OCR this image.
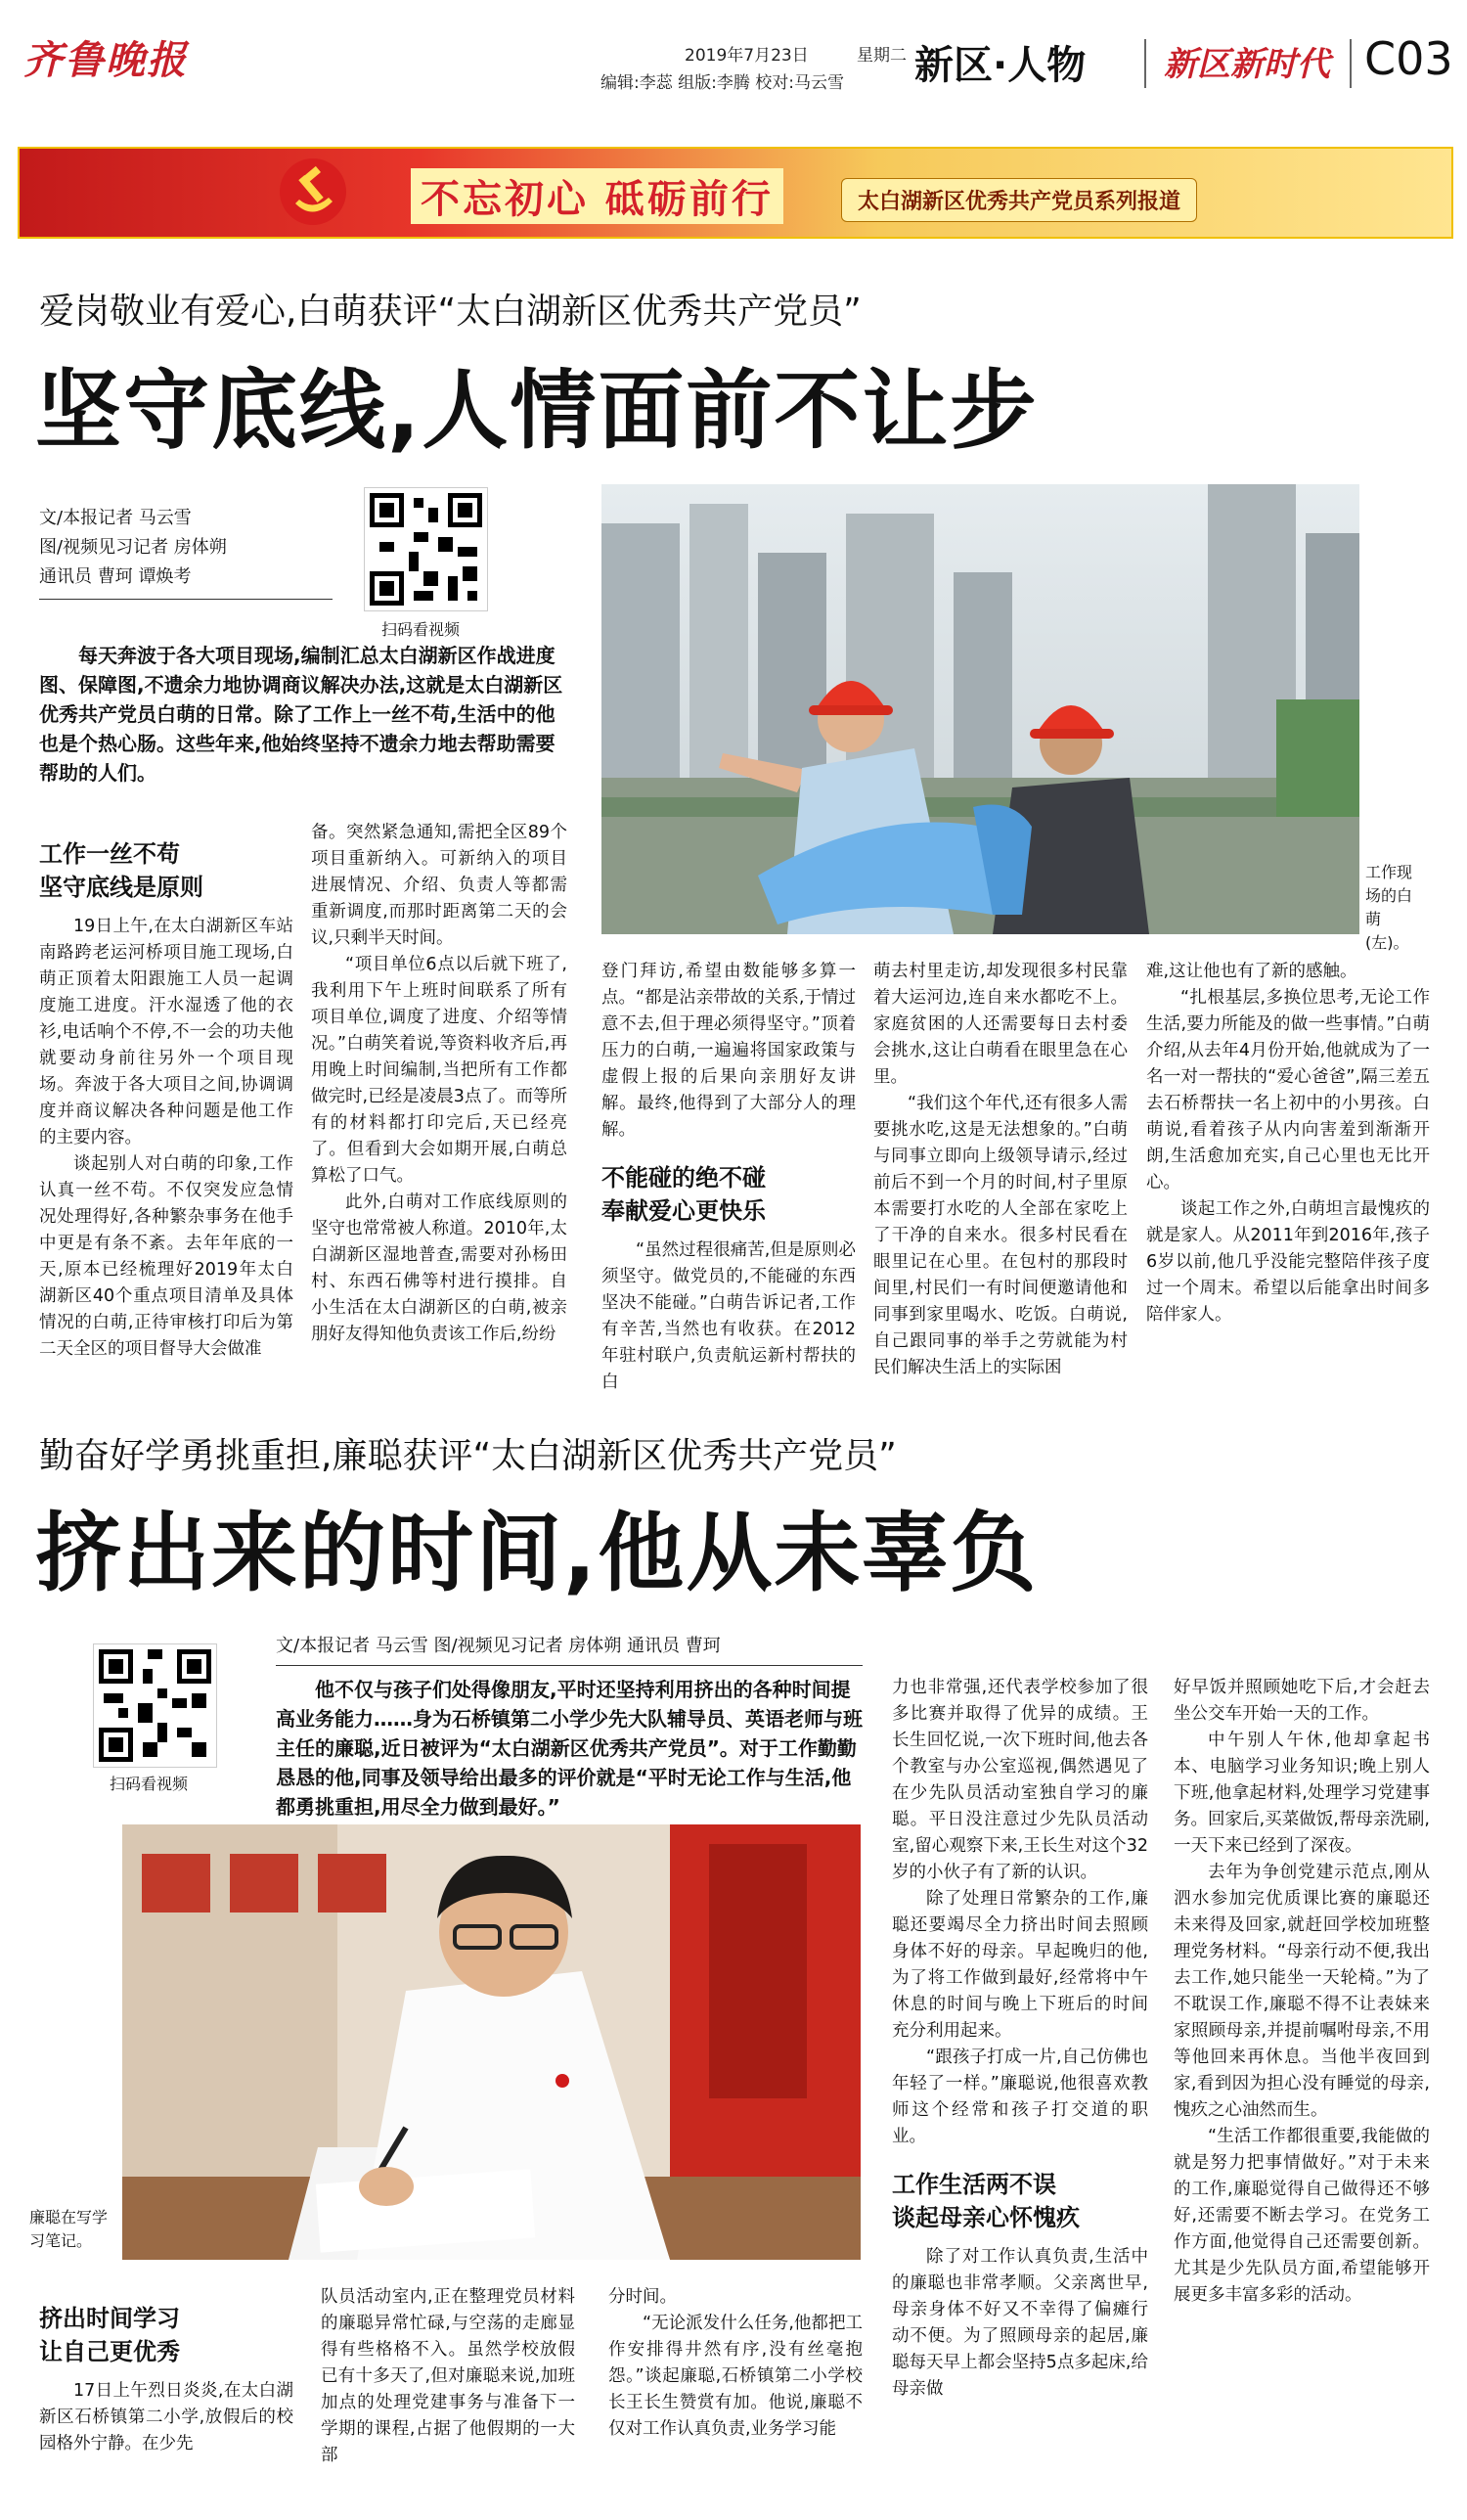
齐鲁晚报	2019年7月23日	星期二
编辑:李蕊 组版:李腾 校对:马云雪 新区·人物 新区新时代 C03
不忘初心 砥砺前行	太白湖新区优秀共产党员系列报道
爱岗敬业有爱心,白萌获评“太白湖新区优秀共产党员”
坚守底线,人情面前不让步
文/本报记者 马云雪
图/视频见习记者 房体朔
通讯员 曹珂 谭焕考
扫码看视频
每天奔波于各大项目现场,编制汇总太白湖新区作战进度图、保障图,不遗余力地协调商议解决办法,这就是太白湖新区优秀共产党员白萌的日常。除了工作上一丝不苟,生活中的他也是个热心肠。这些年来,他始终坚持不遗余力地去帮助需要帮助的人们。
工作现场的白萌(左)。

工作一丝不苟
坚守底线是原则

19日上午,在太白湖新区车站南路跨老运河桥项目施工现场,白萌正顶着太阳跟施工人员一起调度施工进度。汗水湿透了他的衣衫,电话响个不停,不一会的功夫他就要动身前往另外一个项目现场。奔波于各大项目之间,协调调度并商议解决各种问题是他工作的主要内容。

谈起别人对白萌的印象,工作认真一丝不苟。不仅突发应急情况处理得好,各种繁杂事务在他手中更是有条不紊。去年年底的一天,原本已经梳理好2019年太白湖新区40个重点项目清单及具体情况的白萌,正待审核打印后为第二天全区的项目督导大会做准

备。突然紧急通知,需把全区89个项目重新纳入。可新纳入的项目进展情况、介绍、负责人等都需重新调度,而那时距离第二天的会议,只剩半天时间。

“项目单位6点以后就下班了,我利用下午上班时间联系了所有项目单位,调度了进度、介绍等情况。”白萌笑着说,等资料收齐后,再用晚上时间编制,当把所有工作都做完时,已经是凌晨3点了。而等所有的材料都打印完后,天已经亮了。但看到大会如期开展,白萌总算松了口气。

此外,白萌对工作底线原则的坚守也常常被人称道。2010年,太白湖新区湿地普查,需要对孙杨田村、东西石佛等村进行摸排。自小生活在太白湖新区的白萌,被亲朋好友得知他负责该工作后,纷纷

登门拜访,希望由数能够多算一点。“都是沾亲带故的关系,于情过意不去,但于理必须得坚守。”顶着压力的白萌,一遍遍将国家政策与虚假上报的后果向亲朋好友讲解。最终,他得到了大部分人的理解。

不能碰的绝不碰
奉献爱心更快乐

“虽然过程很痛苦,但是原则必须坚守。做党员的,不能碰的东西坚决不能碰。”白萌告诉记者,工作有辛苦,当然也有收获。在2012年驻村联户,负责航运新村帮扶的白

萌去村里走访,却发现很多村民靠着大运河边,连自来水都吃不上。家庭贫困的人还需要每日去村委会挑水,这让白萌看在眼里急在心里。

“我们这个年代,还有很多人需要挑水吃,这是无法想象的。”白萌与同事立即向上级领导请示,经过前后不到一个月的时间,村子里原本需要打水吃的人全部在家吃上了干净的自来水。很多村民看在眼里记在心里。在包村的那段时间里,村民们一有时间便邀请他和同事到家里喝水、吃饭。白萌说,自己跟同事的举手之劳就能为村民们解决生活上的实际困

难,这让他也有了新的感触。

“扎根基层,多换位思考,无论工作生活,要力所能及的做一些事情。”白萌介绍,从去年4月份开始,他就成为了一名一对一帮扶的“爱心爸爸”,隔三差五去石桥帮扶一名上初中的小男孩。白萌说,看着孩子从内向害羞到渐渐开朗,生活愈加充实,自己心里也无比开心。

谈起工作之外,白萌坦言最愧疚的就是家人。从2011年到2016年,孩子6岁以前,他几乎没能完整陪伴孩子度过一个周末。希望以后能拿出时间多陪伴家人。

勤奋好学勇挑重担,廉聪获评“太白湖新区优秀共产党员”
挤出来的时间,他从未辜负
扫码看视频
文/本报记者 马云雪 图/视频见习记者 房体朔 通讯员 曹珂
他不仅与孩子们处得像朋友,平时还坚持利用挤出的各种时间提高业务能力……身为石桥镇第二小学少先大队辅导员、英语老师与班主任的廉聪,近日被评为“太白湖新区优秀共产党员”。对于工作勤勤恳恳的他,同事及领导给出最多的评价就是“平时无论工作与生活,他都勇挑重担,用尽全力做到最好。”
廉聪在写学习笔记。

挤出时间学习
让自己更优秀

17日上午烈日炎炎,在太白湖新区石桥镇第二小学,放假后的校园格外宁静。在少先

队员活动室内,正在整理党员材料的廉聪异常忙碌,与空荡的走廊显得有些格格不入。虽然学校放假已有十多天了,但对廉聪来说,加班加点的处理党建事务与准备下一学期的课程,占据了他假期的一大部

分时间。

“无论派发什么任务,他都把工作安排得井然有序,没有丝毫抱怨。”谈起廉聪,石桥镇第二小学校长王长生赞赏有加。他说,廉聪不仅对工作认真负责,业务学习能

力也非常强,还代表学校参加了很多比赛并取得了优异的成绩。王长生回忆说,一次下班时间,他去各个教室与办公室巡视,偶然遇见了在少先队员活动室独自学习的廉聪。平日没注意过少先队员活动室,留心观察下来,王长生对这个32岁的小伙子有了新的认识。

除了处理日常繁杂的工作,廉聪还要竭尽全力挤出时间去照顾身体不好的母亲。早起晚归的他,为了将工作做到最好,经常将中午休息的时间与晚上下班后的时间充分利用起来。

“跟孩子打成一片,自己仿佛也年轻了一样。”廉聪说,他很喜欢教师这个经常和孩子打交道的职业。

工作生活两不误
谈起母亲心怀愧疚

除了对工作认真负责,生活中的廉聪也非常孝顺。父亲离世早,母亲身体不好又不幸得了偏瘫行动不便。为了照顾母亲的起居,廉聪每天早上都会坚持5点多起床,给母亲做

好早饭并照顾她吃下后,才会赶去坐公交车开始一天的工作。

中午别人午休,他却拿起书本、电脑学习业务知识;晚上别人下班,他拿起材料,处理学习党建事务。回家后,买菜做饭,帮母亲洗刷,一天下来已经到了深夜。

去年为争创党建示范点,刚从泗水参加完优质课比赛的廉聪还未来得及回家,就赶回学校加班整理党务材料。“母亲行动不便,我出去工作,她只能坐一天轮椅。”为了不耽误工作,廉聪不得不让表妹来家照顾母亲,并提前嘱咐母亲,不用等他回来再休息。当他半夜回到家,看到因为担心没有睡觉的母亲,愧疚之心油然而生。

“生活工作都很重要,我能做的就是努力把事情做好。”对于未来的工作,廉聪觉得自己做得还不够好,还需要不断去学习。在党务工作方面,他觉得自己还需要创新。尤其是少先队员方面,希望能够开展更多丰富多彩的活动。
